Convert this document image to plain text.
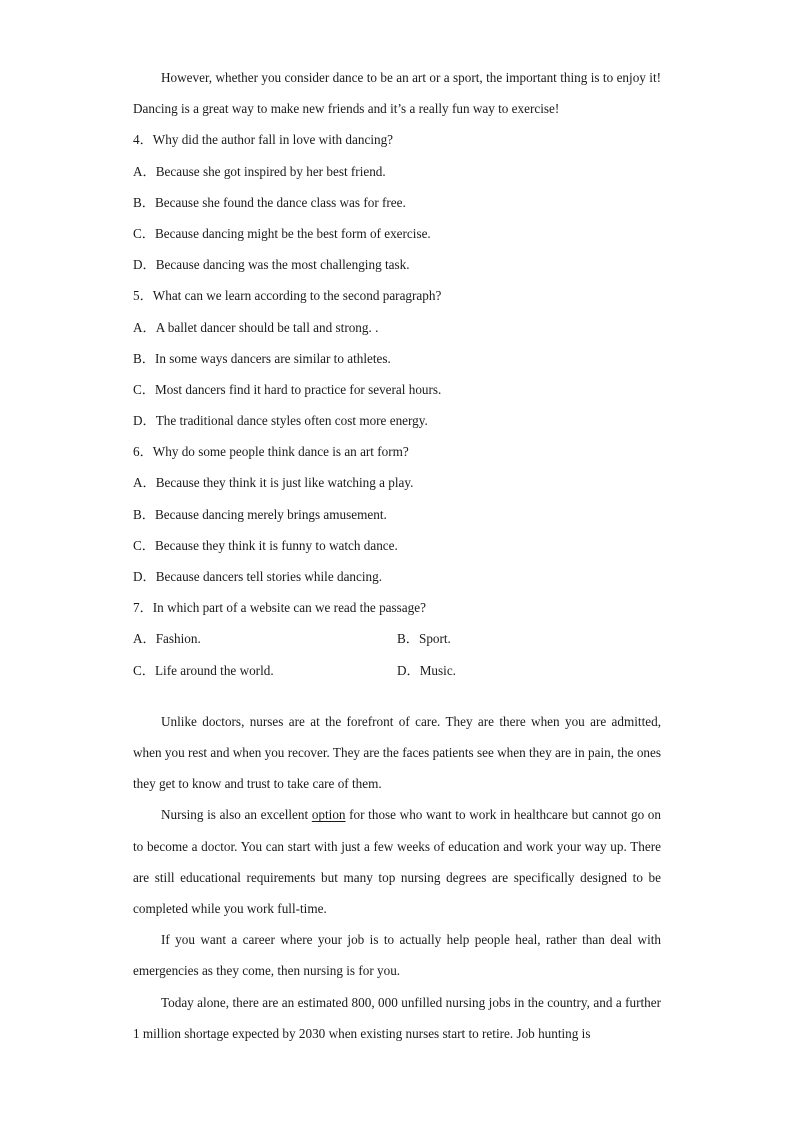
However, whether you consider dance to be an art or a sport, the important thing is to enjoy it! Dancing is a great way to make new friends and it’s a really fun way to exercise!
4．Why did the author fall in love with dancing?
A．Because she got inspired by her best friend.
B．Because she found the dance class was for free.
C．Because dancing might be the best form of exercise.
D．Because dancing was the most challenging task.
5．What can we learn according to the second paragraph?
A．A ballet dancer should be tall and strong. .
B．In some ways dancers are similar to athletes.
C．Most dancers find it hard to practice for several hours.
D．The traditional dance styles often cost more energy.
6．Why do some people think dance is an art form?
A．Because they think it is just like watching a play.
B．Because dancing merely brings amusement.
C．Because they think it is funny to watch dance.
D．Because dancers tell stories while dancing.
7．In which part of a website can we read the passage?
A．Fashion.	B．Sport.
C．Life around the world.	D．Music.
Unlike doctors, nurses are at the forefront of care. They are there when you are admitted, when you rest and when you recover. They are the faces patients see when they are in pain, the ones they get to know and trust to take care of them.
Nursing is also an excellent option for those who want to work in healthcare but cannot go on to become a doctor. You can start with just a few weeks of education and work your way up. There are still educational requirements but many top nursing degrees are specifically designed to be completed while you work full-time.
If you want a career where your job is to actually help people heal, rather than deal with emergencies as they come, then nursing is for you.
Today alone, there are an estimated 800, 000 unfilled nursing jobs in the country, and a further 1 million shortage expected by 2030 when existing nurses start to retire. Job hunting is
